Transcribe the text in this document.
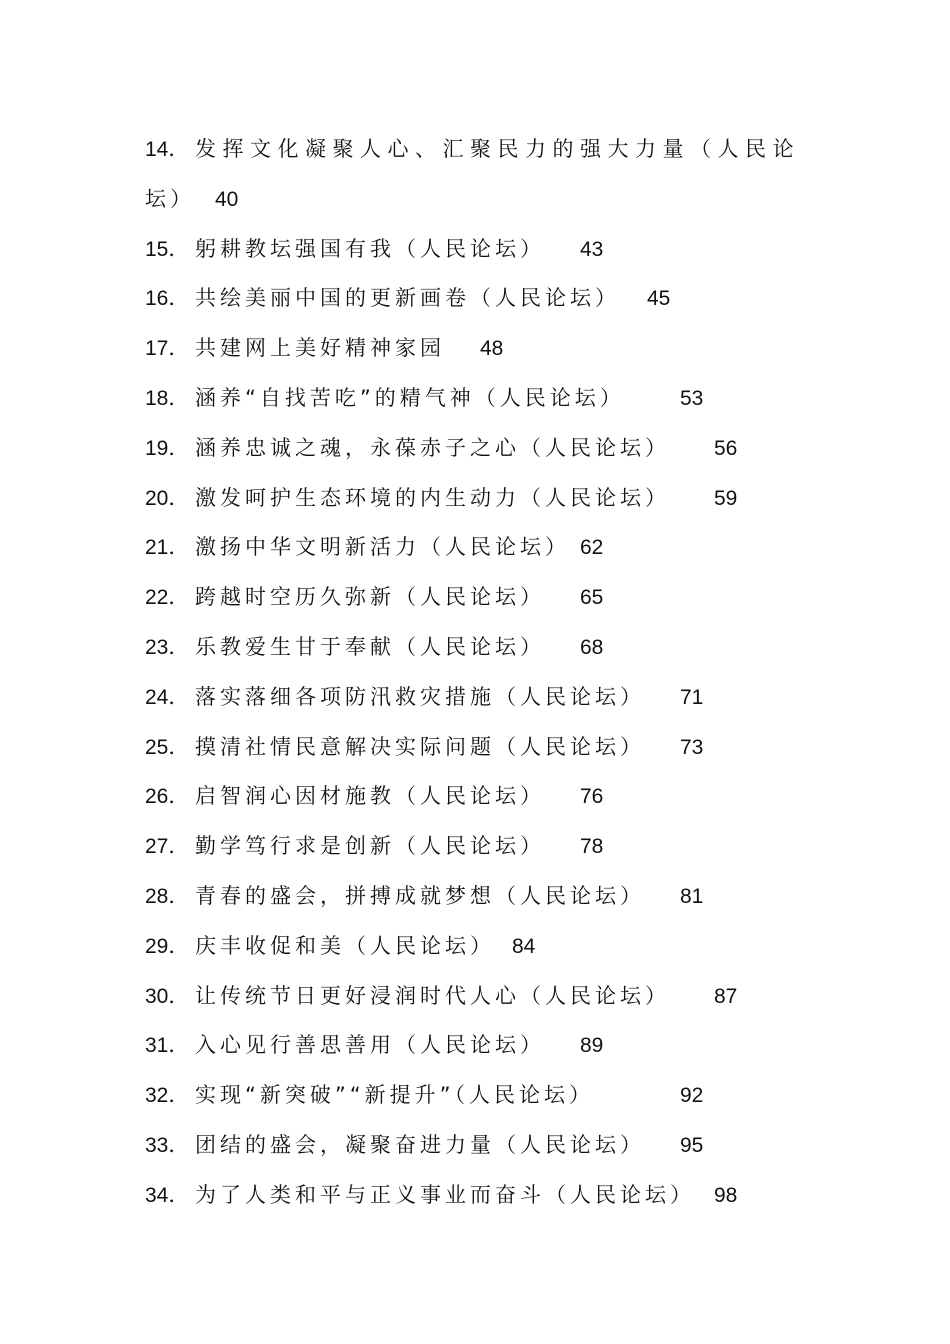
14． 发挥文化凝聚人心、汇聚民力的强大力量（人民论
坛） 40
15． 躬耕教坛强国有我（人民论坛） 43
16． 共绘美丽中国的更新画卷（人民论坛） 45
17． 共建网上美好精神家园 48
18． 涵养“自找苦吃”的精气神（人民论坛）	53
19． 涵养忠诚之魂，永葆赤子之心（人民论坛） 56
20． 激发呵护生态环境的内生动力（人民论坛） 59
21． 激扬中华文明新活力（人民论坛） 62
22． 跨越时空历久弥新（人民论坛） 65
23． 乐教爱生甘于奉献（人民论坛） 68
24． 落实落细各项防汛救灾措施（人民论坛） 71
25． 摸清社情民意解决实际问题（人民论坛） 73
26． 启智润心因材施教（人民论坛） 76
27． 勤学笃行求是创新（人民论坛） 78
28． 青春的盛会，拼搏成就梦想（人民论坛） 81
29． 庆丰收促和美（人民论坛） 84
30． 让传统节日更好浸润时代人心（人民论坛） 87
31． 入心见行善思善用（人民论坛） 89
32． 实现“新突破”“新提升”（人民论坛）	92
33． 团结的盛会，凝聚奋进力量（人民论坛） 95
34． 为了人类和平与正义事业而奋斗（人民论坛） 98
